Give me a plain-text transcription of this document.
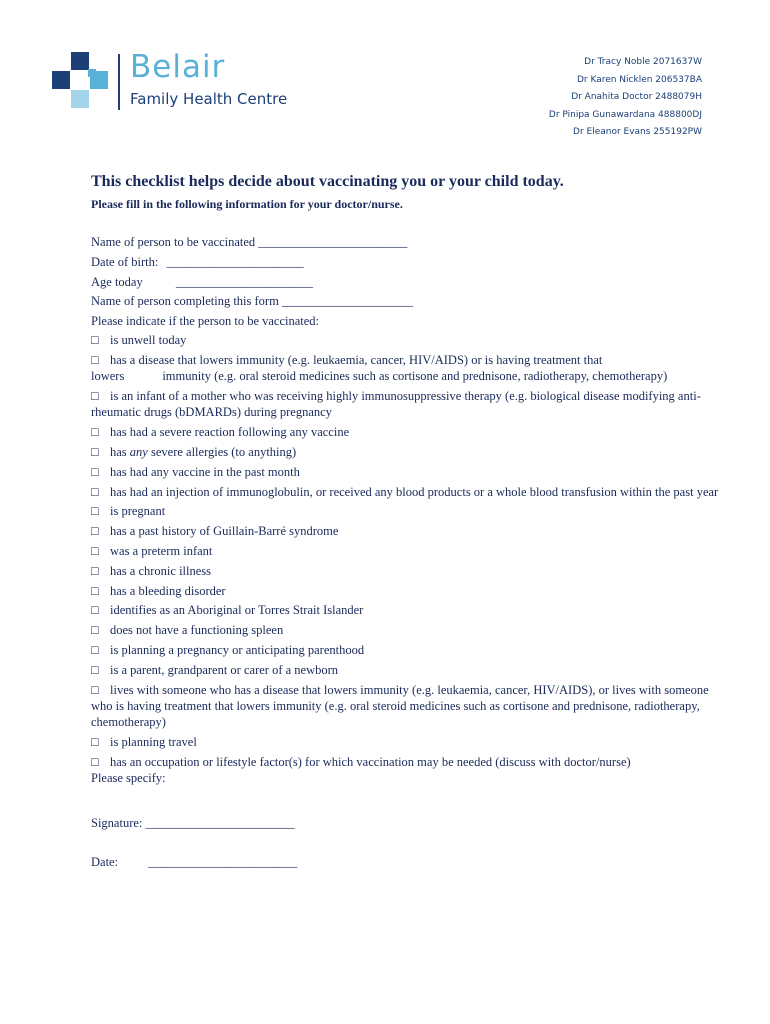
Belair
Family Health Centre
Dr Tracy Noble 2071637W
Dr Karen Nicklen 206537BA
Dr Anahita Doctor 2488079H
Dr Pinipa Gunawardana 488800DJ
Dr Eleanor Evans 255192PW

This checklist helps decide about vaccinating you or your child today.

Please fill in the following information for your doctor/nurse.

Name of person to be vaccinated _________________________
Date of birth: _______________________
Age today	_______________________
Name of person completing this form ______________________
Please indicate if the person to be vaccinated:
□ is unwell today
□ has a disease that lowers immunity (e.g. leukaemia, cancer, HIV/AIDS) or is having treatment that
lowers	immunity (e.g. oral steroid medicines such as cortisone and prednisone, radiotherapy, chemotherapy)
□ is an infant of a mother who was receiving highly immunosuppressive therapy (e.g. biological disease modifying anti-rheumatic drugs (bDMARDs) during pregnancy
□ has had a severe reaction following any vaccine
□ has any severe allergies (to anything)
□ has had any vaccine in the past month
□ has had an injection of immunoglobulin, or received any blood products or a whole blood transfusion within the past year
□ is pregnant
□ has a past history of Guillain-Barré syndrome
□ was a preterm infant
□ has a chronic illness
□ has a bleeding disorder
□ identifies as an Aboriginal or Torres Strait Islander
□ does not have a functioning spleen
□ is planning a pregnancy or anticipating parenthood
□ is a parent, grandparent or carer of a newborn
□ lives with someone who has a disease that lowers immunity (e.g. leukaemia, cancer, HIV/AIDS), or lives with someone who is having treatment that lowers immunity (e.g. oral steroid medicines such as cortisone and prednisone, radiotherapy, chemotherapy)
□ is planning travel
□ has an occupation or lifestyle factor(s) for which vaccination may be needed (discuss with doctor/nurse)
Please specify:
Signature: _________________________
Date: _________________________
